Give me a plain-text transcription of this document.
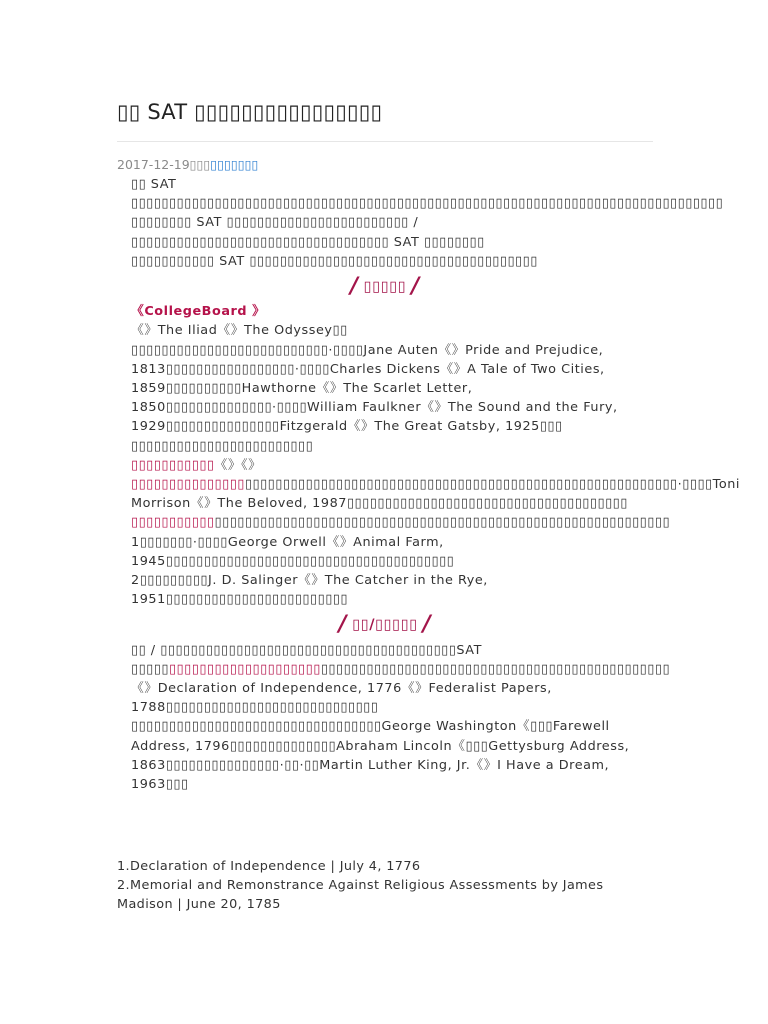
▯▯ SAT ▯▯▯▯▯▯▯▯▯▯▯▯▯▯▯▯
2017-12-19▯▯▯▯▯▯▯▯▯▯

▯▯ SAT ▯▯▯▯▯▯▯▯▯▯▯▯▯▯▯▯▯▯▯▯▯▯▯▯▯▯▯▯▯▯▯▯▯▯▯▯▯▯▯▯▯▯▯▯▯▯▯▯▯▯▯▯▯▯▯▯▯▯▯▯▯▯▯▯▯▯▯▯▯▯▯▯▯▯▯▯▯▯

▯▯▯▯▯▯▯▯ SAT ▯▯▯▯▯▯▯▯▯▯▯▯▯▯▯▯▯▯▯▯▯▯▯▯ / ▯▯▯▯▯▯▯▯▯▯▯▯▯▯▯▯▯▯▯▯▯▯▯▯▯▯▯▯▯▯▯▯▯▯ SAT ▯▯▯▯▯▯▯▯

▯▯▯▯▯▯▯▯▯▯▯ SAT ▯▯▯▯▯▯▯▯▯▯▯▯▯▯▯▯▯▯▯▯▯▯▯▯▯▯▯▯▯▯▯▯▯▯▯▯▯▯

/ ▯▯▯▯▯ /

《CollegeBoard 》

《》The Iliad《》The Odyssey▯▯

▯▯▯▯▯▯▯▯▯▯▯▯▯▯▯▯▯▯▯▯▯▯▯▯▯▯·▯▯▯▯Jane Auten《》Pride and Prejudice, 1813▯▯▯▯▯▯▯▯▯▯▯▯▯▯▯▯▯·▯▯▯▯Charles Dickens《》A Tale of Two Cities, 1859▯▯▯▯▯▯▯▯▯▯Hawthorne《》The Scarlet Letter, 1850▯▯▯▯▯▯▯▯▯▯▯▯▯▯·▯▯▯▯William Faulkner《》The Sound and the Fury, 1929▯▯▯▯▯▯▯▯▯▯▯▯▯▯▯Fitzgerald《》The Great Gatsby, 1925▯▯▯

▯▯▯▯▯▯▯▯▯▯▯▯▯▯▯▯▯▯▯▯▯▯▯▯

▯▯▯▯▯▯▯▯▯▯▯《》《》

▯▯▯▯▯▯▯▯▯▯▯▯▯▯▯▯▯▯▯▯▯▯▯▯▯▯▯▯▯▯▯▯▯▯▯▯▯▯▯▯▯▯▯▯▯▯▯▯▯▯▯▯▯▯▯▯▯▯▯▯▯▯▯▯▯▯▯▯▯▯▯▯·▯▯▯▯Toni Morrison《》The Beloved, 1987▯▯▯▯▯▯▯▯▯▯▯▯▯▯▯▯▯▯▯▯▯▯▯▯▯▯▯▯▯▯▯▯▯▯▯▯▯

▯▯▯▯▯▯▯▯▯▯▯▯▯▯▯▯▯▯▯▯▯▯▯▯▯▯▯▯▯▯▯▯▯▯▯▯▯▯▯▯▯▯▯▯▯▯▯▯▯▯▯▯▯▯▯▯▯▯▯▯▯▯▯▯▯▯▯▯▯▯▯

1▯▯▯▯▯▯▯·▯▯▯▯George Orwell《》Animal Farm, 1945▯▯▯▯▯▯▯▯▯▯▯▯▯▯▯▯▯▯▯▯▯▯▯▯▯▯▯▯▯▯▯▯▯▯▯▯▯▯

2▯▯▯▯▯▯▯▯▯J. D. Salinger《》The Catcher in the Rye, 1951▯▯▯▯▯▯▯▯▯▯▯▯▯▯▯▯▯▯▯▯▯▯▯▯

/ ▯▯/▯▯▯▯▯ /

▯▯ / ▯▯▯▯▯▯▯▯▯▯▯▯▯▯▯▯▯▯▯▯▯▯▯▯▯▯▯▯▯▯▯▯▯▯▯▯▯▯▯SAT ▯▯▯▯▯▯▯▯▯▯▯▯▯▯▯▯▯▯▯▯▯▯▯▯▯▯▯▯▯▯▯▯▯▯▯▯▯▯▯▯▯▯▯▯▯▯▯▯▯▯▯▯▯▯▯▯▯▯▯▯▯▯▯▯▯▯▯▯▯▯▯

《》Declaration of Independence, 1776《》Federalist Papers, 1788▯▯▯▯▯▯▯▯▯▯▯▯▯▯▯▯▯▯▯▯▯▯▯▯▯▯▯▯

▯▯▯▯▯▯▯▯▯▯▯▯▯▯▯▯▯▯▯▯▯▯▯▯▯▯▯▯▯▯▯▯▯George Washington《▯▯▯Farewell Address, 1796▯▯▯▯▯▯▯▯▯▯▯▯▯▯Abraham Lincoln《▯▯▯Gettysburg Address, 1863▯▯▯▯▯▯▯▯▯▯▯▯▯▯▯·▯▯·▯▯Martin Luther King, Jr.《》I Have a Dream, 1963▯▯▯

1.Declaration of Independence | July 4, 1776

2.Memorial and Remonstrance Against Religious Assessments by James Madison | June 20, 1785
